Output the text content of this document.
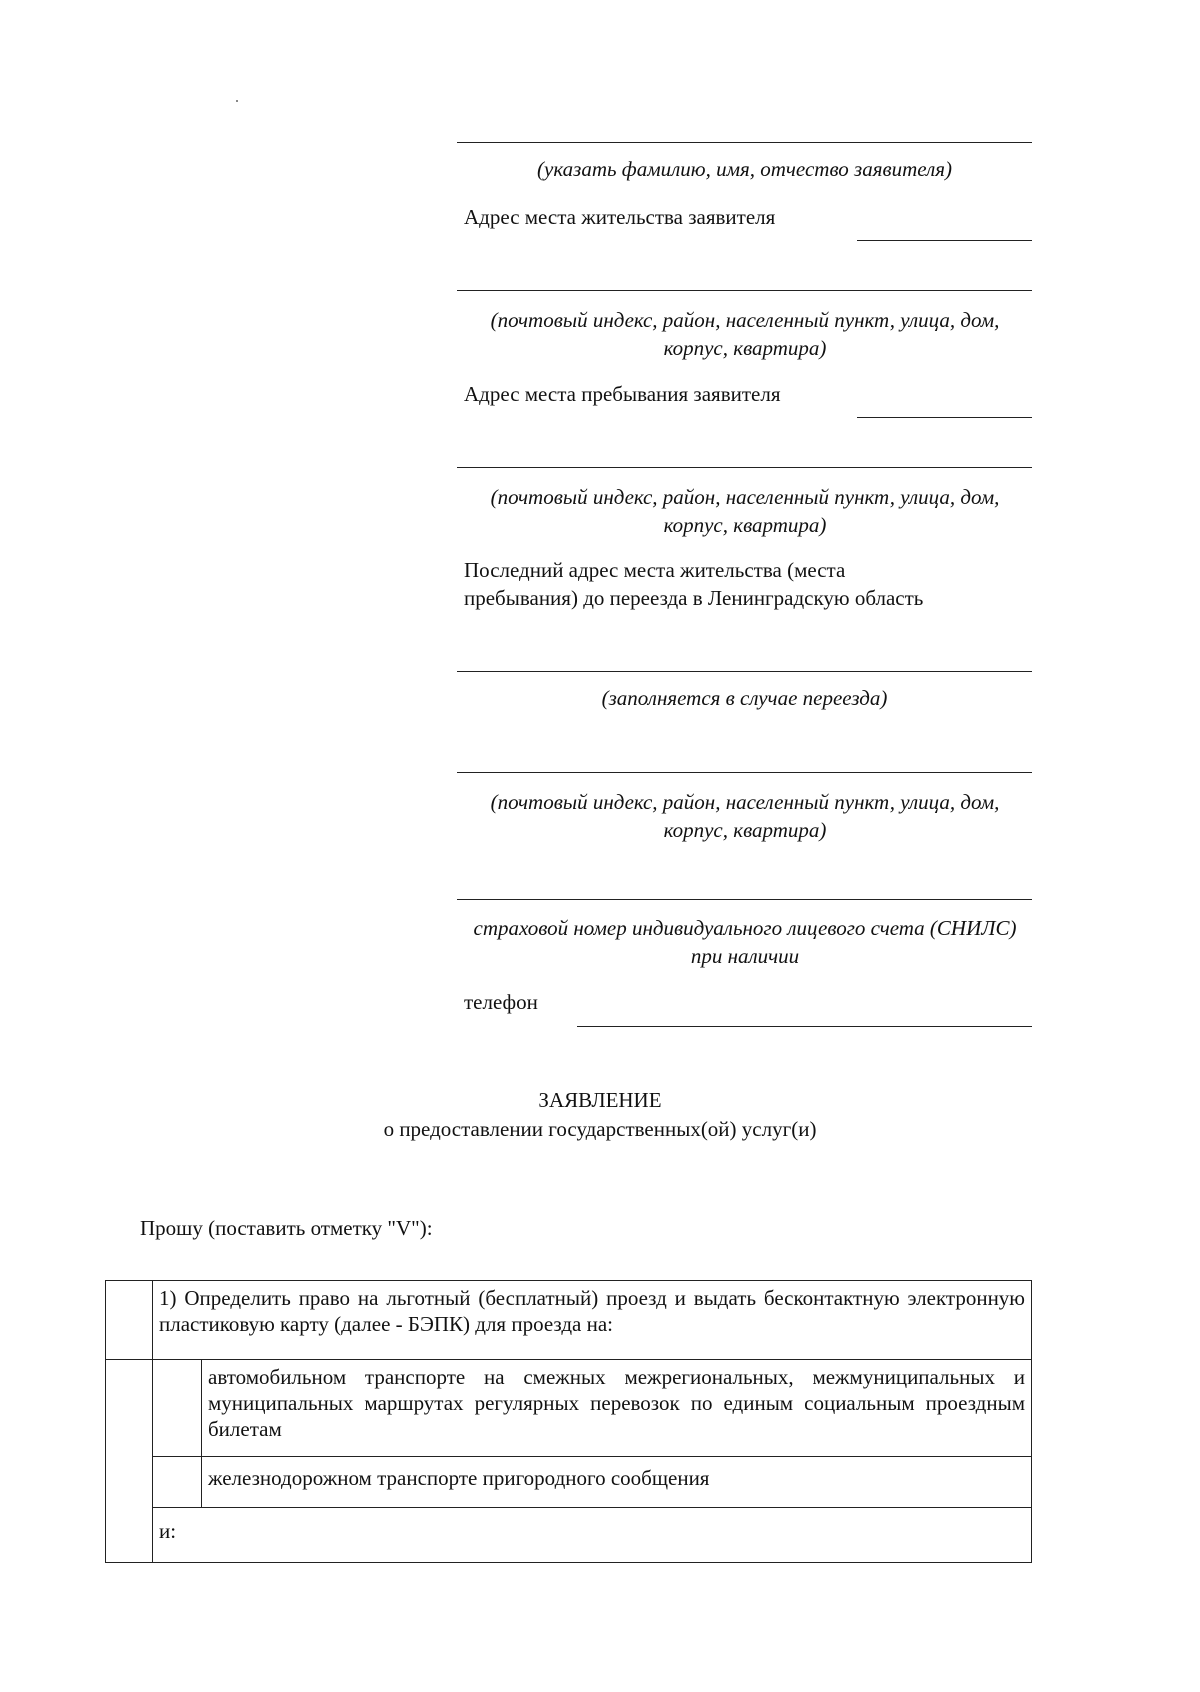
(указать фамилию, имя, отчество заявителя)
Адрес места жительства заявителя
(почтовый индекс, район, населенный пункт, улица, дом, корпус, квартира)
Адрес места пребывания заявителя
(почтовый индекс, район, населенный пункт, улица, дом, корпус, квартира)
Последний адрес места жительства (места
пребывания) до переезда в Ленинградскую область
(заполняется в случае переезда)
(почтовый индекс, район, населенный пункт, улица, дом, корпус, квартира)
страховой номер индивидуального лицевого счета (СНИЛС) при наличии
телефон
ЗАЯВЛЕНИЕ
о предоставлении государственных(ой) услуг(и)
Прошу (поставить отметку "V"):
	1) Определить право на льготный (бесплатный) проезд и выдать бесконтактную электронную пластиковую карту (далее - БЭПК) для проезда на:	
		автомобильном транспорте на смежных межрегиональных, межмуниципальных и муниципальных маршрутах регулярных перевозок по единым социальным проездным билетам
		железнодорожном транспорте пригородного сообщения
	и:	
